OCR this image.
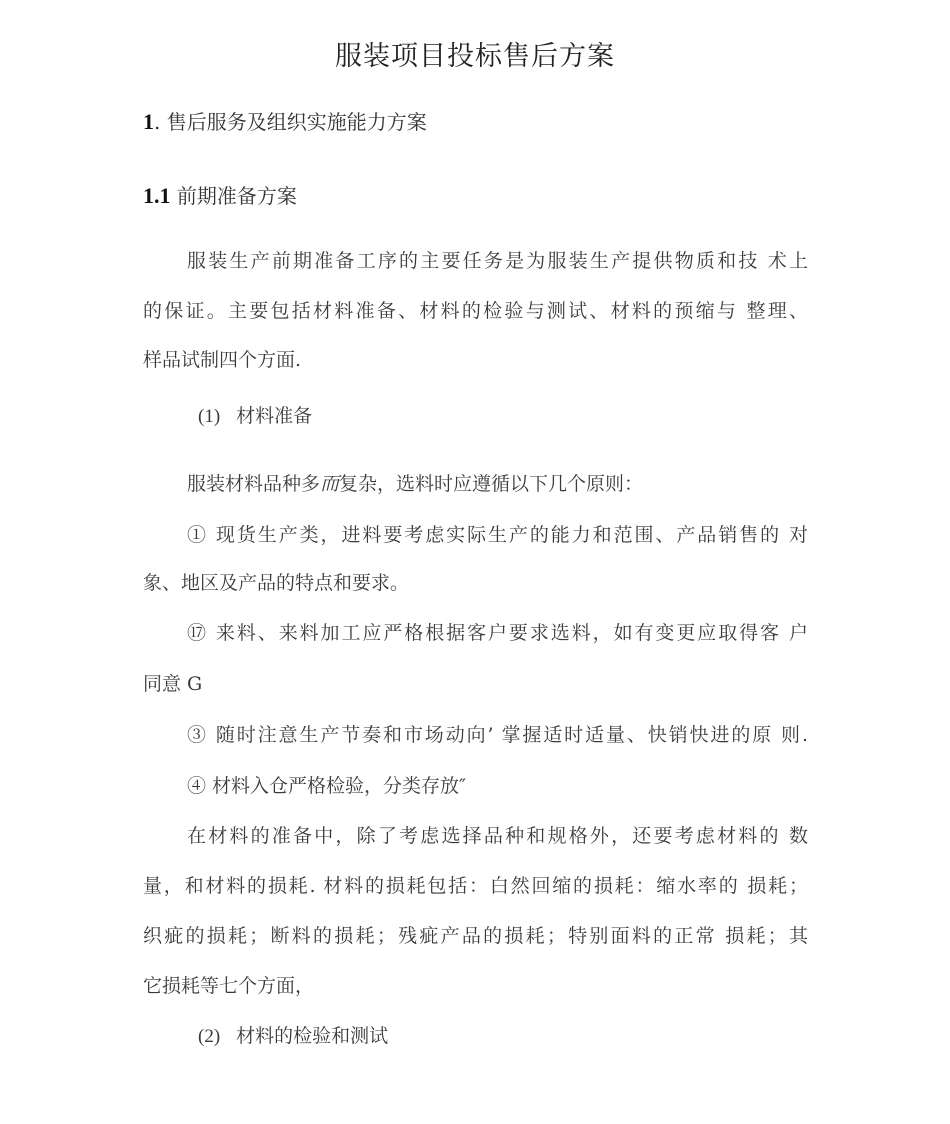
服装项目投标售后方案
1. 售后服务及组织实施能力方案
1.1 前期准备方案
服装生产前期准备工序的主要任务是为服装生产提供物质和技 术上
的保证。主要包括材料准备、材料的检验与测试、材料的预缩与 整理、
样品试制四个方面.
(1) 材料准备
服装材料品种多而复杂，选料时应遵循以下几个原则：
① 现货生产类，进料要考虑实际生产的能力和范围、产品销售的 对
象、地区及产品的特点和要求。
⑰ 来料、来料加工应严格根据客户要求选料，如有变更应取得客 户
同意 G
③ 随时注意生产节奏和市场动向’ 掌握适时适量、快销快进的原 则.
④ 材料入仓严格检验，分类存放″
在材料的准备中，除了考虑选择品种和规格外，还要考虑材料的 数
量，和材料的损耗. 材料的损耗包括：白然回缩的损耗：缩水率的 损耗；
织疵的损耗；断料的损耗；残疵产品的损耗；特别面料的正常 损耗；其
它损耗等七个方面，
(2) 材料的检验和测试
